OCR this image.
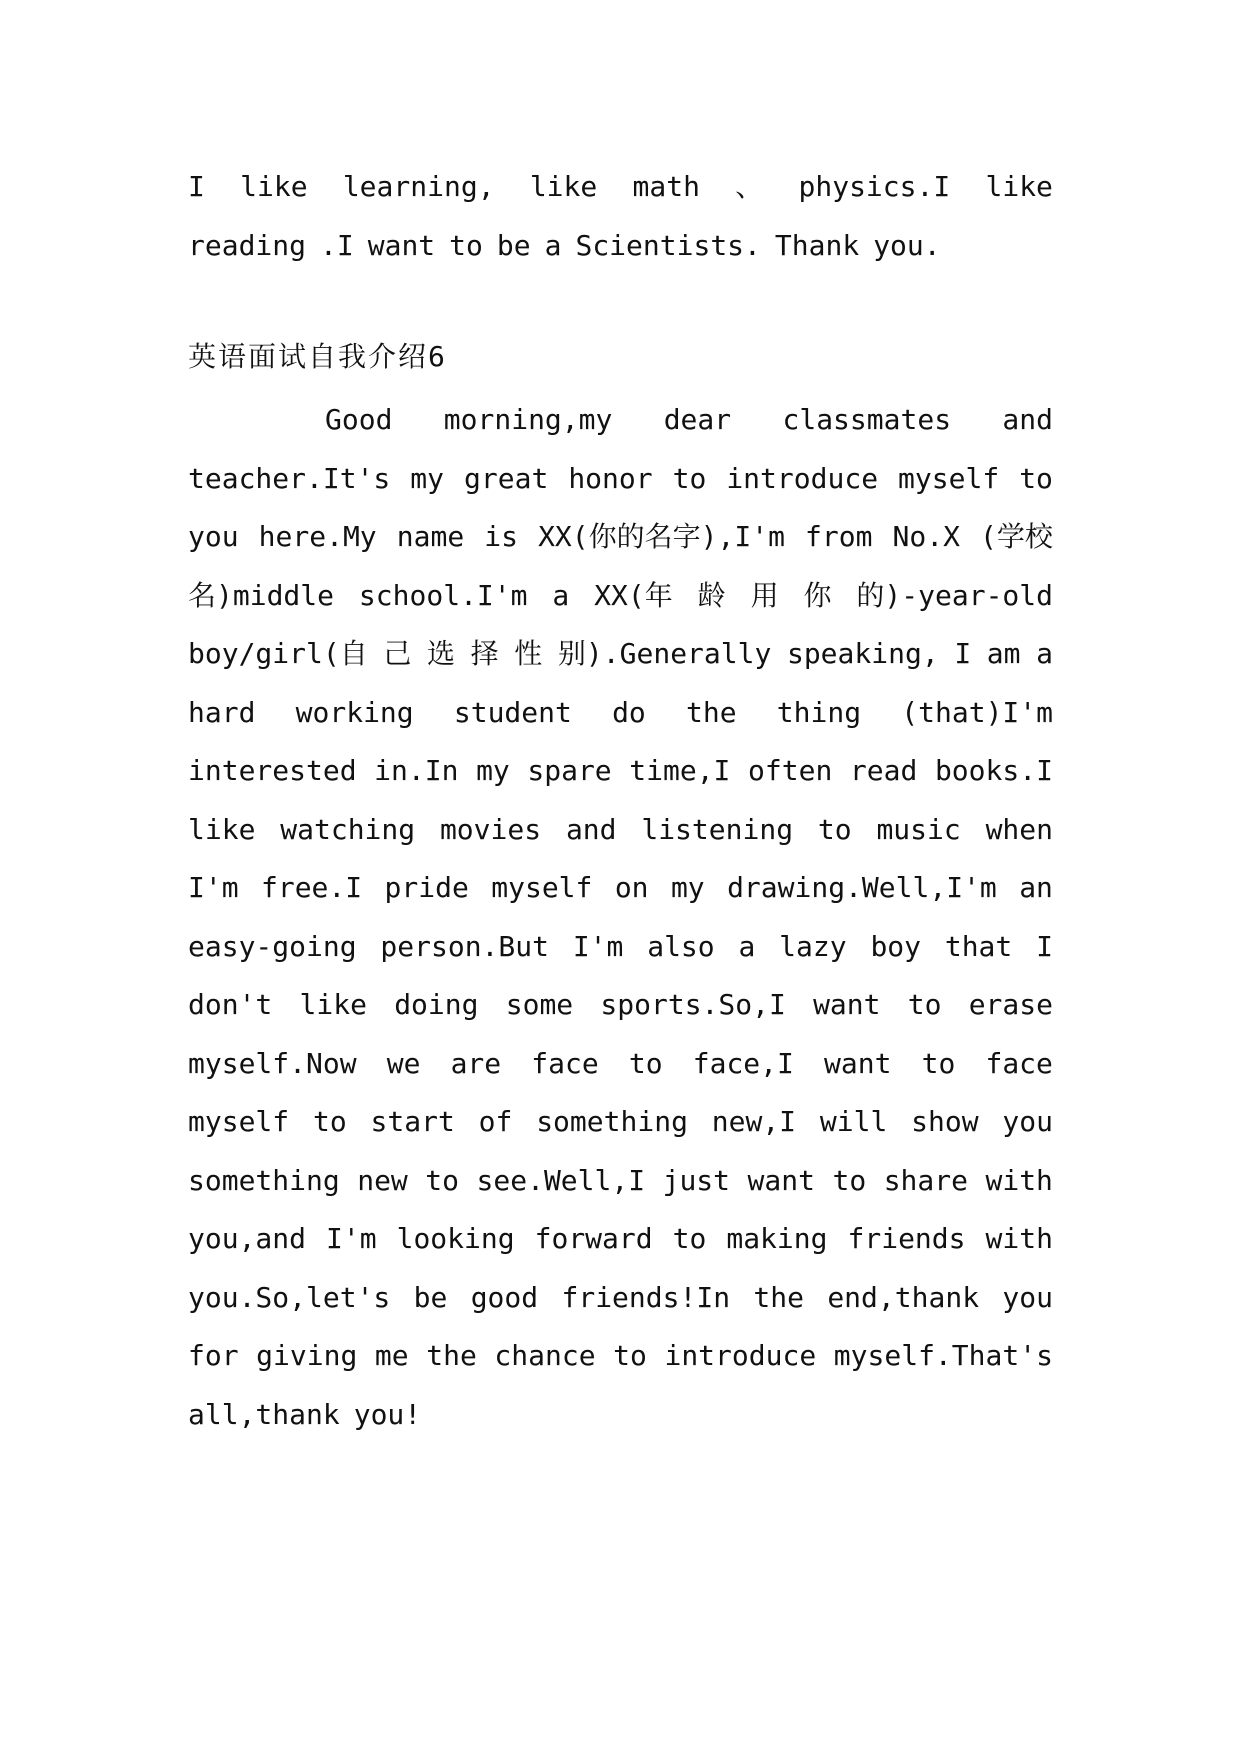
I like learning, like math 、 physics.I like
reading .I want to be a Scientists. Thank you.
英语面试自我介绍6
Good morning,my dear classmates and
teacher.It's my great honor to introduce myself to
you here.My name is XX(你的名字),I'm from No.X (学校
名)middle school.I'm a XX(年 龄 用 你 的)-year-old
boy/girl(自 己 选 择 性 别).Generally speaking, I am a
hard working student do the thing (that)I'm
interested in.In my spare time,I often read books.I
like watching movies and listening to music when
I'm free.I pride myself on my drawing.Well,I'm an
easy-going person.But I'm also a lazy boy that I
don't like doing some sports.So,I want to erase
myself.Now we are face to face,I want to face
myself to start of something new,I will show you
something new to see.Well,I just want to share with
you,and I'm looking forward to making friends with
you.So,let's be good friends!In the end,thank you
for giving me the chance to introduce myself.That's
all,thank you!
